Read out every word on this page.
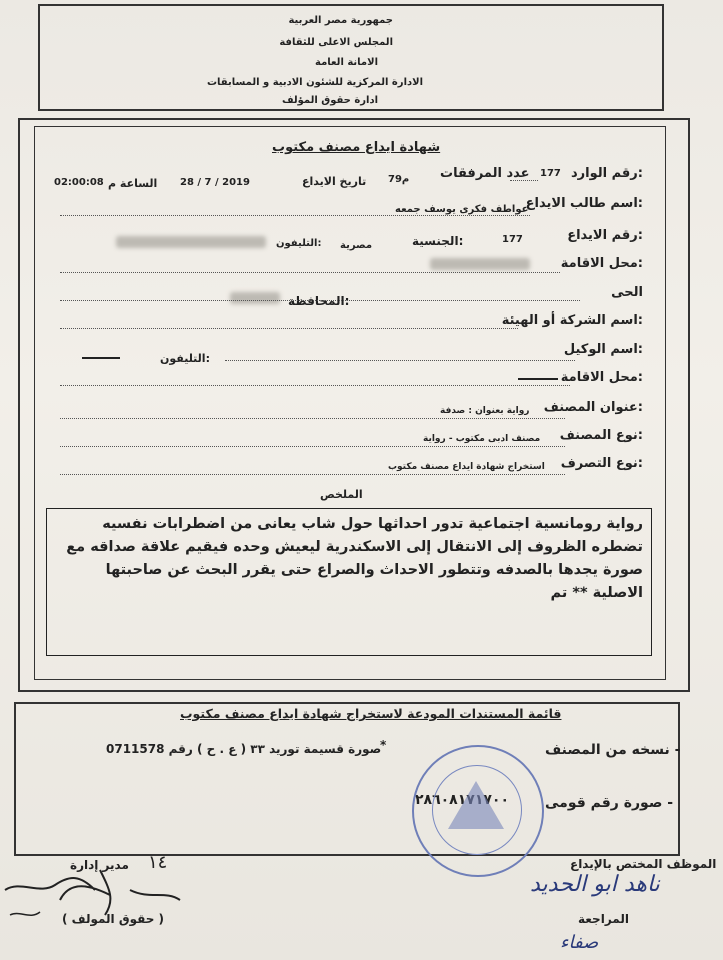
جمهورية مصر العربية
المجلس الاعلى للثقافة
الامانة العامة
الادارة المركزية للشئون الادبية و المسابقات
ادارة حقوق المؤلف
شهادة ايداع مصنف مكتوب
رقم الوارد:
177
عدد المرفقات
79م
تاريخ الايداع
28 / 7 / 2019
الساعة م
02:00:08
اسم طالب الايداع:
عواطف فكرى يوسف جمعه
رقم الايداع:
177
الجنسية:
مصرية
التليفون:
محل الاقامة:
الحى
المحافظة:
اسم الشركة أو الهيئة:
اسم الوكيل:
التليفون:
محل الاقامة:
عنوان المصنف:
رواية بعنوان : صدفة
نوع المصنف:
مصنف ادبى مكتوب - رواية
نوع التصرف:
استخراج شهادة ايداع مصنف مكتوب
الملخص
رواية رومانسية اجتماعية تدور احداثها حول شاب يعانى من اضطرابات نفسيه تضطره الظروف إلى الانتقال إلى الاسكندرية ليعيش وحده فيقيم علاقة صداقه مع صورة يجدها بالصدفه وتتطور الاحداث والصراع حتى يقرر البحث عن صاحبتها الاصلية ** تم
قائمة المستندات المودعة لاستخراج شهادة ايداع مصنف مكتوب
- نسخه من المصنف
*
صورة قسيمة توريد ٣٣ ( ع . ح ) رقم 0711578
- صورة رقم قومى
٢٨٦٠٨١٧١٧٠٠
الموظف المختص بالإيداع
ناهد ابو الحديد
المراجعة
صفاء
١٤
مدير إدارة
( حقوق المولف )
